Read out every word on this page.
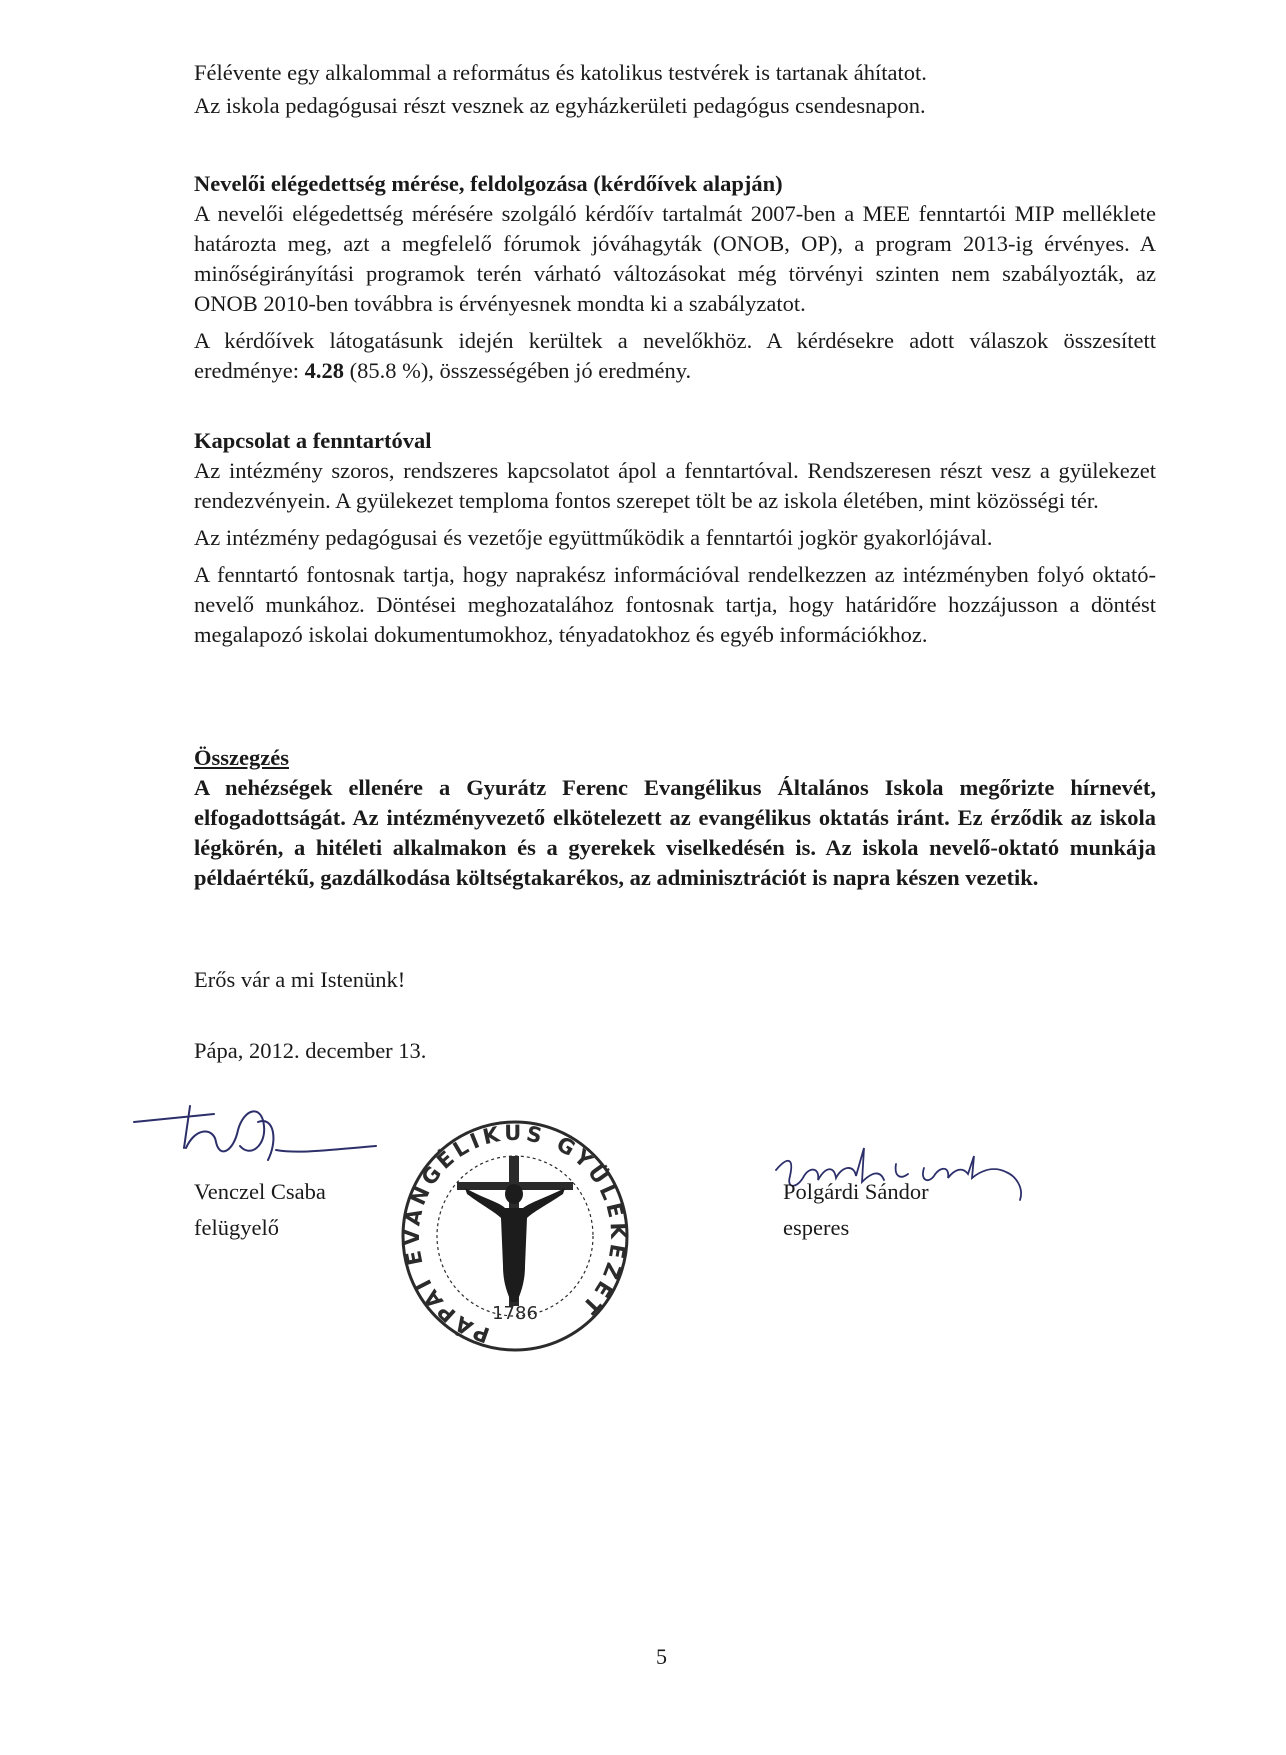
Félévente egy alkalommal a református és katolikus testvérek is tartanak áhítatot.

Az iskola pedagógusai részt vesznek az egyházkerületi pedagógus csendesnapon.

Nevelői elégedettség mérése, feldolgozása (kérdőívek alapján)

A nevelői elégedettség mérésére szolgáló kérdőív tartalmát 2007-ben a MEE fenntartói MIP melléklete határozta meg, azt a megfelelő fórumok jóváhagyták (ONOB, OP), a program 2013-ig érvényes. A minőségirányítási programok terén várható változásokat még törvényi szinten nem szabályozták, az ONOB 2010-ben továbbra is érvényesnek mondta ki a szabályzatot.

A kérdőívek látogatásunk idején kerültek a nevelőkhöz. A kérdésekre adott válaszok összesített eredménye: 4.28 (85.8 %), összességében jó eredmény.

Kapcsolat a fenntartóval

Az intézmény szoros, rendszeres kapcsolatot ápol a fenntartóval. Rendszeresen részt vesz a gyülekezet rendezvényein. A gyülekezet temploma fontos szerepet tölt be az iskola életében, mint közösségi tér.

Az intézmény pedagógusai és vezetője együttműködik a fenntartói jogkör gyakorlójával.

A fenntartó fontosnak tartja, hogy naprakész információval rendelkezzen az intézményben folyó oktató-nevelő munkához. Döntései meghozatalához fontosnak tartja, hogy határidőre hozzájusson a döntést megalapozó iskolai dokumentumokhoz, tényadatokhoz és egyéb információkhoz.

Összegzés

A nehézségek ellenére a Gyurátz Ferenc Evangélikus Általános Iskola megőrizte hírnevét, elfogadottságát. Az intézményvezető elkötelezett az evangélikus oktatás iránt. Ez érződik az iskola légkörén, a hitéleti alkalmakon és a gyerekek viselkedésén is. Az iskola nevelő-oktató munkája példaértékű, gazdálkodása költségtakarékos, az adminisztrációt is napra készen vezetik.

Erős vár a mi Istenünk!
Pápa, 2012. december 13.
Venczel Csaba
felügyelő
PÁPAI EVANGÉLIKUS GYÜLEKEZET
1786
Polgárdi Sándor
esperes
5
